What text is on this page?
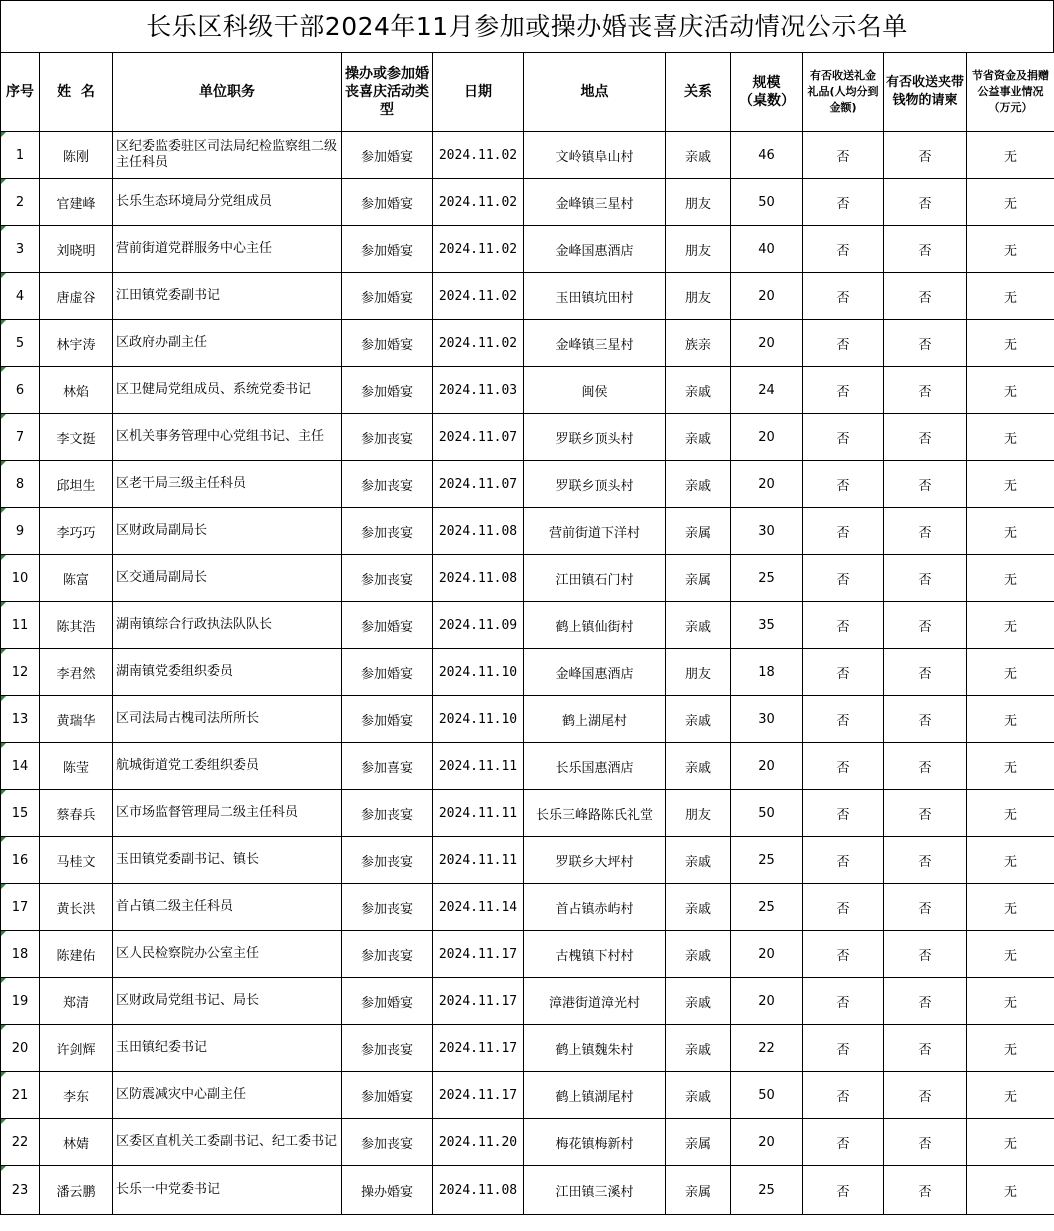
长乐区科级干部2024年11月参加或操办婚丧喜庆活动情况公示名单
序号	姓  名	单位职务	操办或参加婚丧喜庆活动类型	日期	地点	关系	规模（桌数）	有否收送礼金礼品(人均分到金额)	有否收送夹带钱物的请柬	节省资金及捐赠公益事业情况（万元）
1	陈刚	区纪委监委驻区司法局纪检监察组二级主任科员	参加婚宴	2024.11.02	文岭镇阜山村	亲戚	46	否	否	无
2	官建峰	长乐生态环境局分党组成员	参加婚宴	2024.11.02	金峰镇三星村	朋友	50	否	否	无
3	刘晓明	营前街道党群服务中心主任	参加婚宴	2024.11.02	金峰国惠酒店	朋友	40	否	否	无
4	唐虚谷	江田镇党委副书记	参加婚宴	2024.11.02	玉田镇坑田村	朋友	20	否	否	无
5	林宇涛	区政府办副主任	参加婚宴	2024.11.02	金峰镇三星村	族亲	20	否	否	无
6	林焰	区卫健局党组成员、系统党委书记	参加婚宴	2024.11.03	闽侯	亲戚	24	否	否	无
7	李文挺	区机关事务管理中心党组书记、主任	参加丧宴	2024.11.07	罗联乡顶头村	亲戚	20	否	否	无
8	邱坦生	区老干局三级主任科员	参加丧宴	2024.11.07	罗联乡顶头村	亲戚	20	否	否	无
9	李巧巧	区财政局副局长	参加丧宴	2024.11.08	营前街道下洋村	亲属	30	否	否	无
10	陈富	区交通局副局长	参加丧宴	2024.11.08	江田镇石门村	亲属	25	否	否	无
11	陈其浩	湖南镇综合行政执法队队长	参加婚宴	2024.11.09	鹤上镇仙街村	亲戚	35	否	否	无
12	李君然	湖南镇党委组织委员	参加婚宴	2024.11.10	金峰国惠酒店	朋友	18	否	否	无
13	黄瑞华	区司法局古槐司法所所长	参加婚宴	2024.11.10	鹤上湖尾村	亲戚	30	否	否	无
14	陈莹	航城街道党工委组织委员	参加喜宴	2024.11.11	长乐国惠酒店	亲戚	20	否	否	无
15	蔡春兵	区市场监督管理局二级主任科员	参加丧宴	2024.11.11	长乐三峰路陈氏礼堂	朋友	50	否	否	无
16	马桂文	玉田镇党委副书记、镇长	参加丧宴	2024.11.11	罗联乡大坪村	亲戚	25	否	否	无
17	黄长洪	首占镇二级主任科员	参加丧宴	2024.11.14	首占镇赤屿村	亲戚	25	否	否	无
18	陈建佑	区人民检察院办公室主任	参加丧宴	2024.11.17	古槐镇下村村	亲戚	20	否	否	无
19	郑清	区财政局党组书记、局长	参加婚宴	2024.11.17	漳港街道漳光村	亲戚	20	否	否	无
20	许剑辉	玉田镇纪委书记	参加丧宴	2024.11.17	鹤上镇魏朱村	亲戚	22	否	否	无
21	李东	区防震减灾中心副主任	参加婚宴	2024.11.17	鹤上镇湖尾村	亲戚	50	否	否	无
22	林婧	区委区直机关工委副书记、纪工委书记	参加丧宴	2024.11.20	梅花镇梅新村	亲属	20	否	否	无
23	潘云鹏	长乐一中党委书记	操办婚宴	2024.11.08	江田镇三溪村	亲属	25	否	否	无
